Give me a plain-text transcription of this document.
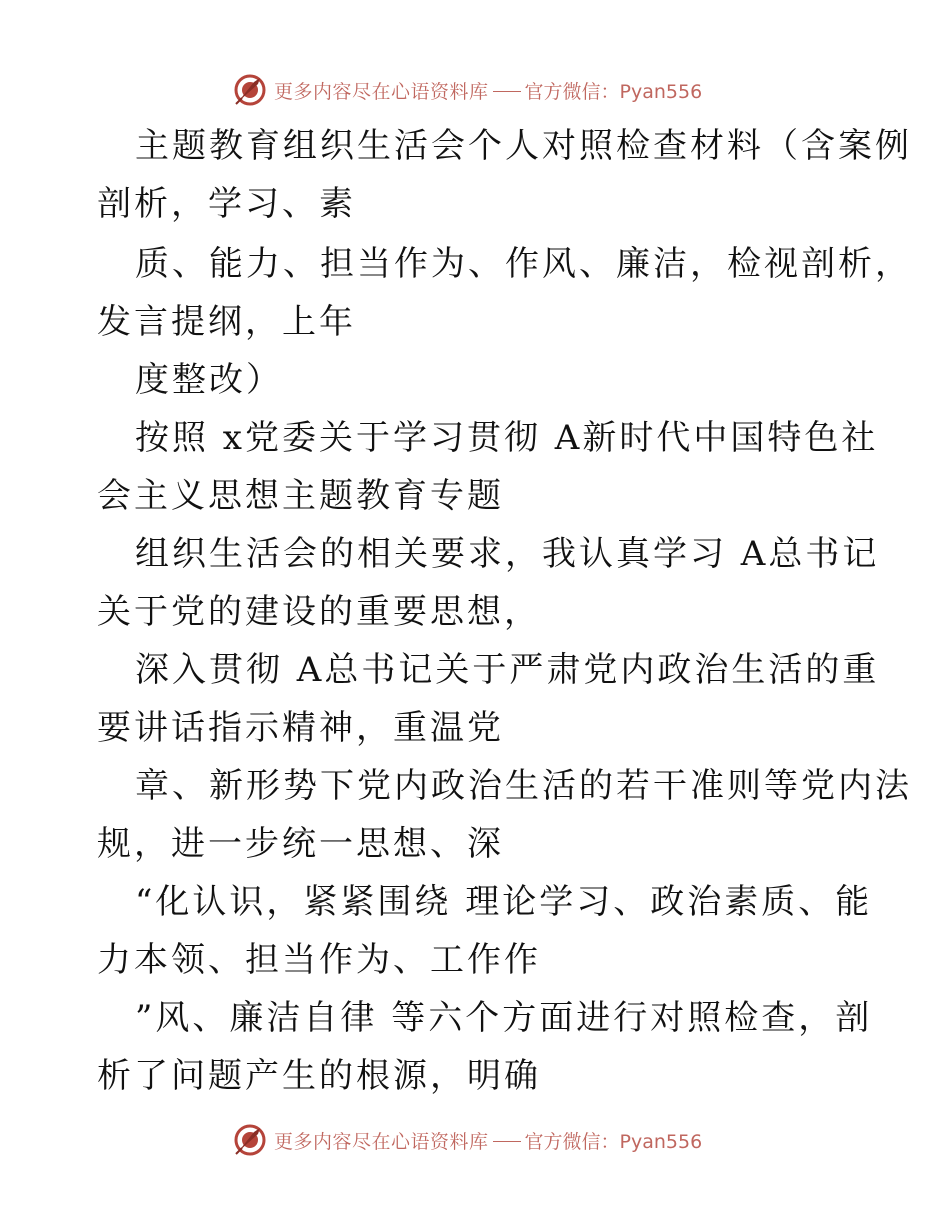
更多内容尽在心语资料库 官方微信：Pyan556
主题教育组织生活会个人对照检查材料（含案例
剖析，学习、素
质、能力、担当作为、作风、廉洁，检视剖析，
发言提纲，上年
度整改）
按照 x党委关于学习贯彻 A新时代中国特色社
会主义思想主题教育专题
组织生活会的相关要求，我认真学习 A总书记
关于党的建设的重要思想，
深入贯彻 A总书记关于严肃党内政治生活的重
要讲话指示精神，重温党
章、新形势下党内政治生活的若干准则等党内法
规，进一步统一思想、深
“化认识，紧紧围绕 理论学习、政治素质、能
力本领、担当作为、工作作
”风、廉洁自律 等六个方面进行对照检查，剖
析了问题产生的根源，明确
更多内容尽在心语资料库 官方微信：Pyan556
